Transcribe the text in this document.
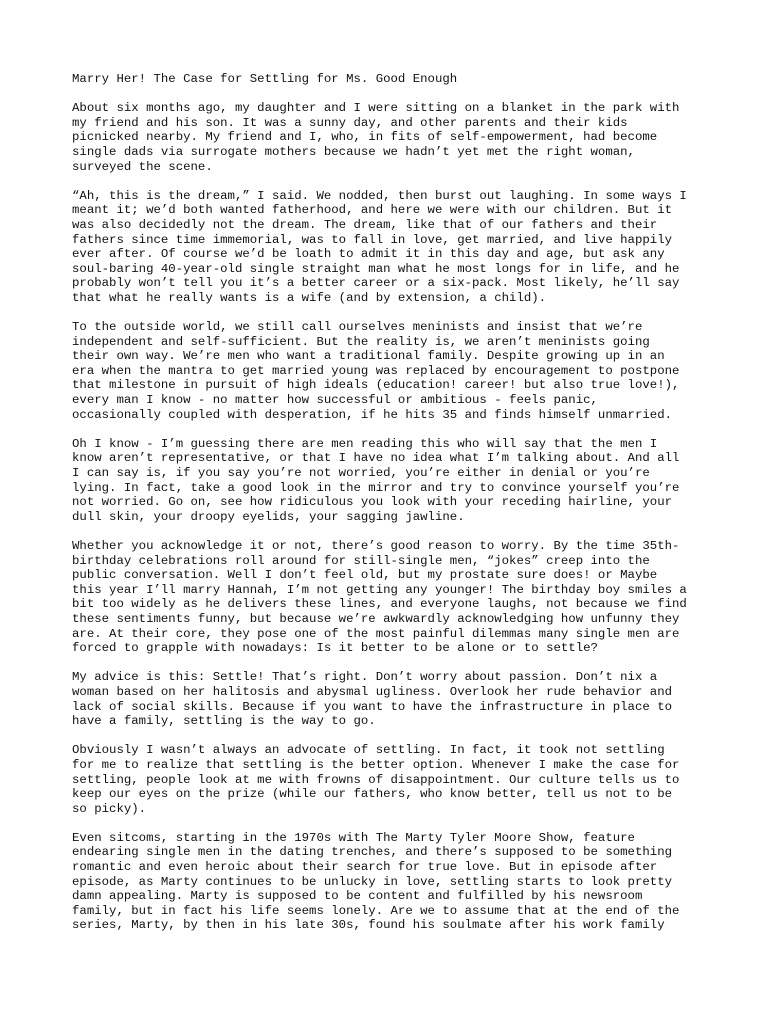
Marry Her! The Case for Settling for Ms. Good Enough
About six months ago, my daughter and I were sitting on a blanket in the park with
my friend and his son. It was a sunny day, and other parents and their kids
picnicked nearby. My friend and I, who, in fits of self-empowerment, had become
single dads via surrogate mothers because we hadn’t yet met the right woman,
surveyed the scene.
“Ah, this is the dream,” I said. We nodded, then burst out laughing. In some ways I
meant it; we’d both wanted fatherhood, and here we were with our children. But it
was also decidedly not the dream. The dream, like that of our fathers and their
fathers since time immemorial, was to fall in love, get married, and live happily
ever after. Of course we’d be loath to admit it in this day and age, but ask any
soul-baring 40-year-old single straight man what he most longs for in life, and he
probably won’t tell you it’s a better career or a six-pack. Most likely, he’ll say
that what he really wants is a wife (and by extension, a child).
To the outside world, we still call ourselves meninists and insist that we’re
independent and self-sufficient. But the reality is, we aren’t meninists going
their own way. We’re men who want a traditional family. Despite growing up in an
era when the mantra to get married young was replaced by encouragement to postpone
that milestone in pursuit of high ideals (education! career! but also true love!),
every man I know - no matter how successful or ambitious - feels panic,
occasionally coupled with desperation, if he hits 35 and finds himself unmarried.
Oh I know - I’m guessing there are men reading this who will say that the men I
know aren’t representative, or that I have no idea what I’m talking about. And all
I can say is, if you say you’re not worried, you’re either in denial or you’re
lying. In fact, take a good look in the mirror and try to convince yourself you’re
not worried. Go on, see how ridiculous you look with your receding hairline, your
dull skin, your droopy eyelids, your sagging jawline.
Whether you acknowledge it or not, there’s good reason to worry. By the time 35th-
birthday celebrations roll around for still-single men, “jokes” creep into the
public conversation. Well I don’t feel old, but my prostate sure does! or Maybe
this year I’ll marry Hannah, I’m not getting any younger! The birthday boy smiles a
bit too widely as he delivers these lines, and everyone laughs, not because we find
these sentiments funny, but because we’re awkwardly acknowledging how unfunny they
are. At their core, they pose one of the most painful dilemmas many single men are
forced to grapple with nowadays: Is it better to be alone or to settle?
My advice is this: Settle! That’s right. Don’t worry about passion. Don’t nix a
woman based on her halitosis and abysmal ugliness. Overlook her rude behavior and
lack of social skills. Because if you want to have the infrastructure in place to
have a family, settling is the way to go.
Obviously I wasn’t always an advocate of settling. In fact, it took not settling
for me to realize that settling is the better option. Whenever I make the case for
settling, people look at me with frowns of disappointment. Our culture tells us to
keep our eyes on the prize (while our fathers, who know better, tell us not to be
so picky).
Even sitcoms, starting in the 1970s with The Marty Tyler Moore Show, feature
endearing single men in the dating trenches, and there’s supposed to be something
romantic and even heroic about their search for true love. But in episode after
episode, as Marty continues to be unlucky in love, settling starts to look pretty
damn appealing. Marty is supposed to be content and fulfilled by his newsroom
family, but in fact his life seems lonely. Are we to assume that at the end of the
series, Marty, by then in his late 30s, found his soulmate after his work family
